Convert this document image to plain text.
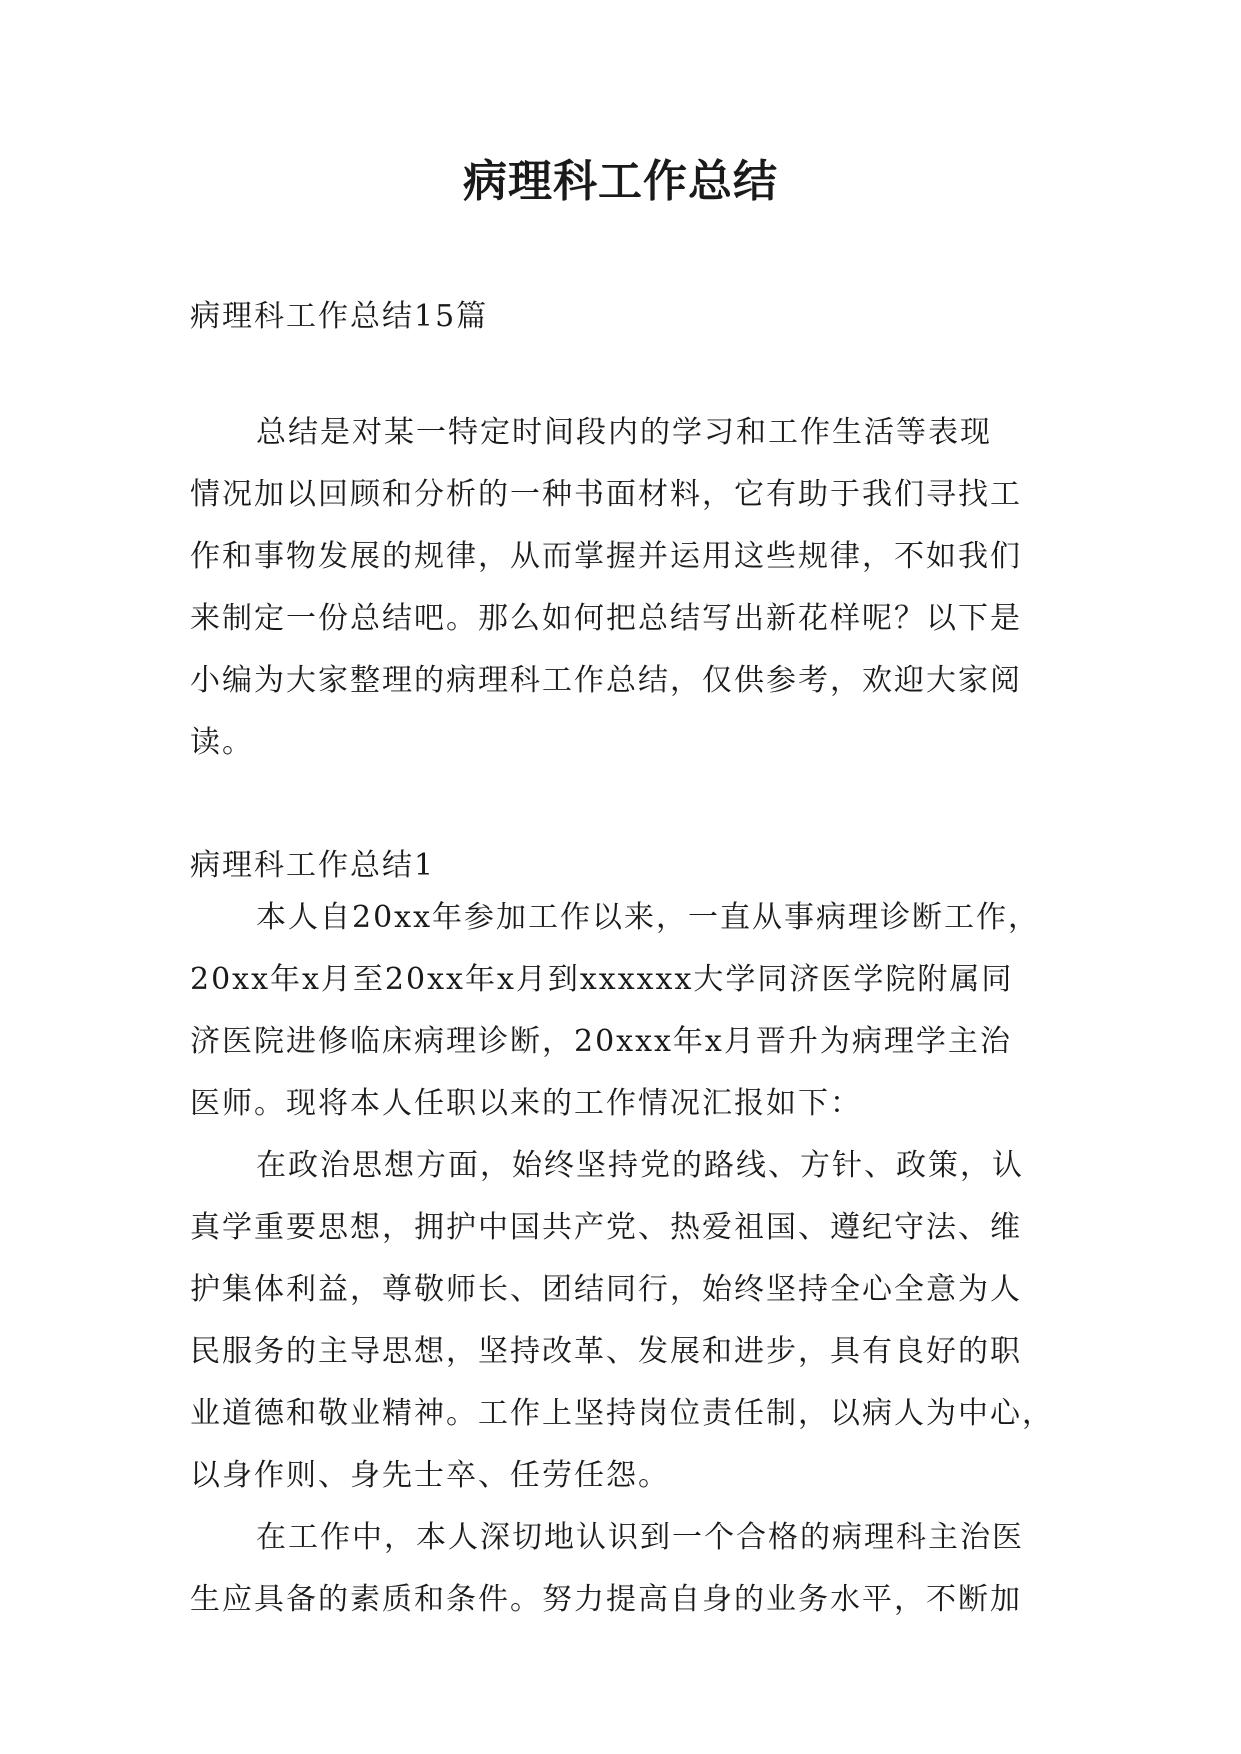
病理科工作总结
病理科工作总结15篇
总结是对某一特定时间段内的学习和工作生活等表现
情况加以回顾和分析的一种书面材料，它有助于我们寻找工
作和事物发展的规律，从而掌握并运用这些规律，不如我们
来制定一份总结吧。那么如何把总结写出新花样呢？以下是
小编为大家整理的病理科工作总结，仅供参考，欢迎大家阅
读。
病理科工作总结1
本人自20xx年参加工作以来，一直从事病理诊断工作，
20xx年x月至20xx年x月到xxxxxx大学同济医学院附属同
济医院进修临床病理诊断，20xxx年x月晋升为病理学主治
医师。现将本人任职以来的工作情况汇报如下：
在政治思想方面，始终坚持党的路线、方针、政策，认
真学重要思想，拥护中国共产党、热爱祖国、遵纪守法、维
护集体利益，尊敬师长、团结同行，始终坚持全心全意为人
民服务的主导思想，坚持改革、发展和进步，具有良好的职
业道德和敬业精神。工作上坚持岗位责任制，以病人为中心，
以身作则、身先士卒、任劳任怨。
在工作中，本人深切地认识到一个合格的病理科主治医
生应具备的素质和条件。努力提高自身的业务水平，不断加
